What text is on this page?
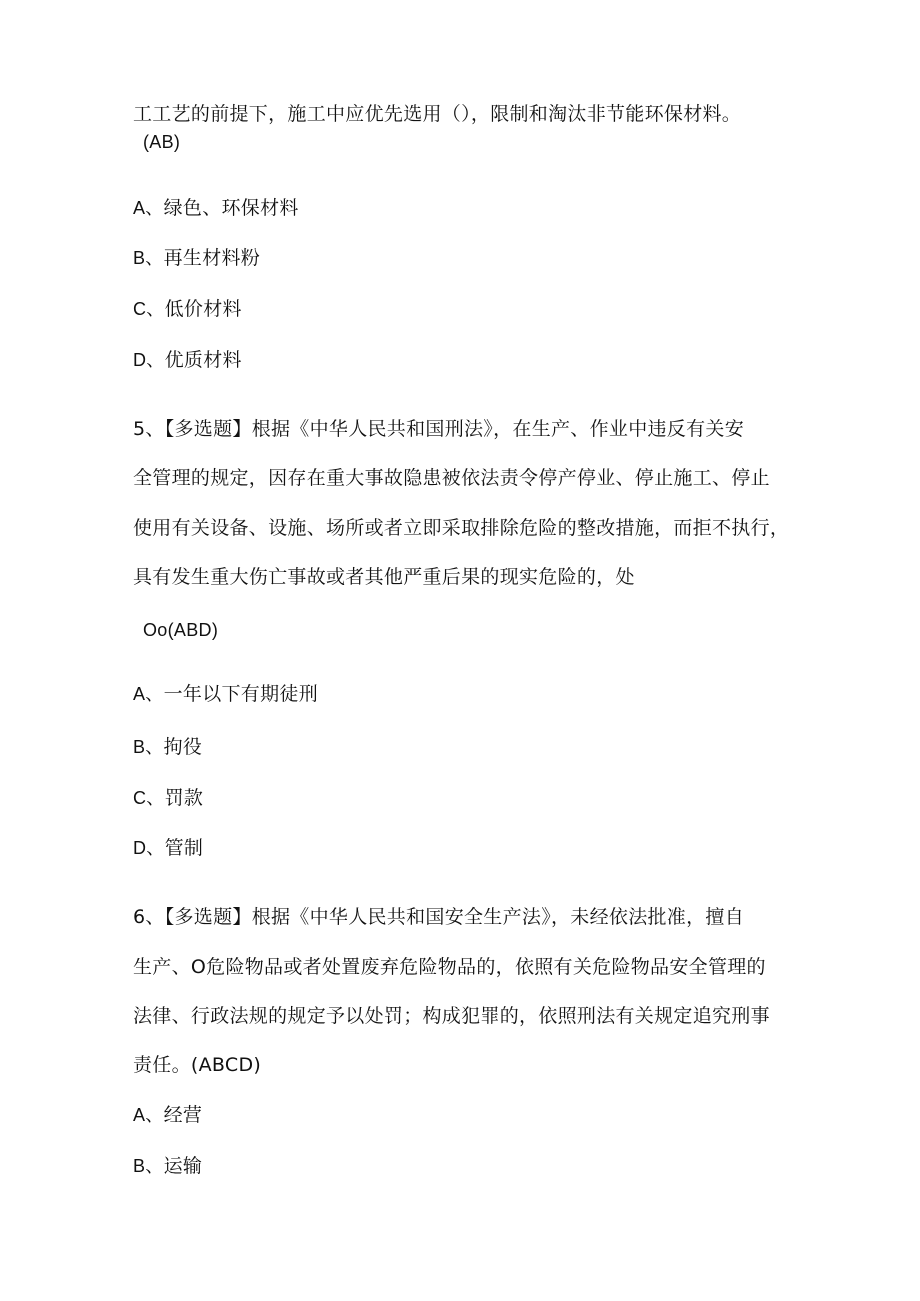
工工艺的前提下，施工中应优先选用（），限制和淘汰非节能环保材料。
(AB)
A、绿色、环保材料
B、再生材料粉
C、低价材料
D、优质材料
5、【多选题】根据《中华人民共和国刑法》，在生产、作业中违反有关安
全管理的规定，因存在重大事故隐患被依法责令停产停业、停止施工、停止
使用有关设备、设施、场所或者立即采取排除危险的整改措施，而拒不执行，
具有发生重大伤亡事故或者其他严重后果的现实危险的，处
Oo(ABD)
A、一年以下有期徒刑
B、拘役
C、罚款
D、管制
6、【多选题】根据《中华人民共和国安全生产法》，未经依法批准，擅自
生产、O危险物品或者处置废弃危险物品的，依照有关危险物品安全管理的
法律、行政法规的规定予以处罚；构成犯罪的，依照刑法有关规定追究刑事
责任。(ABCD)
A、经营
B、运输
